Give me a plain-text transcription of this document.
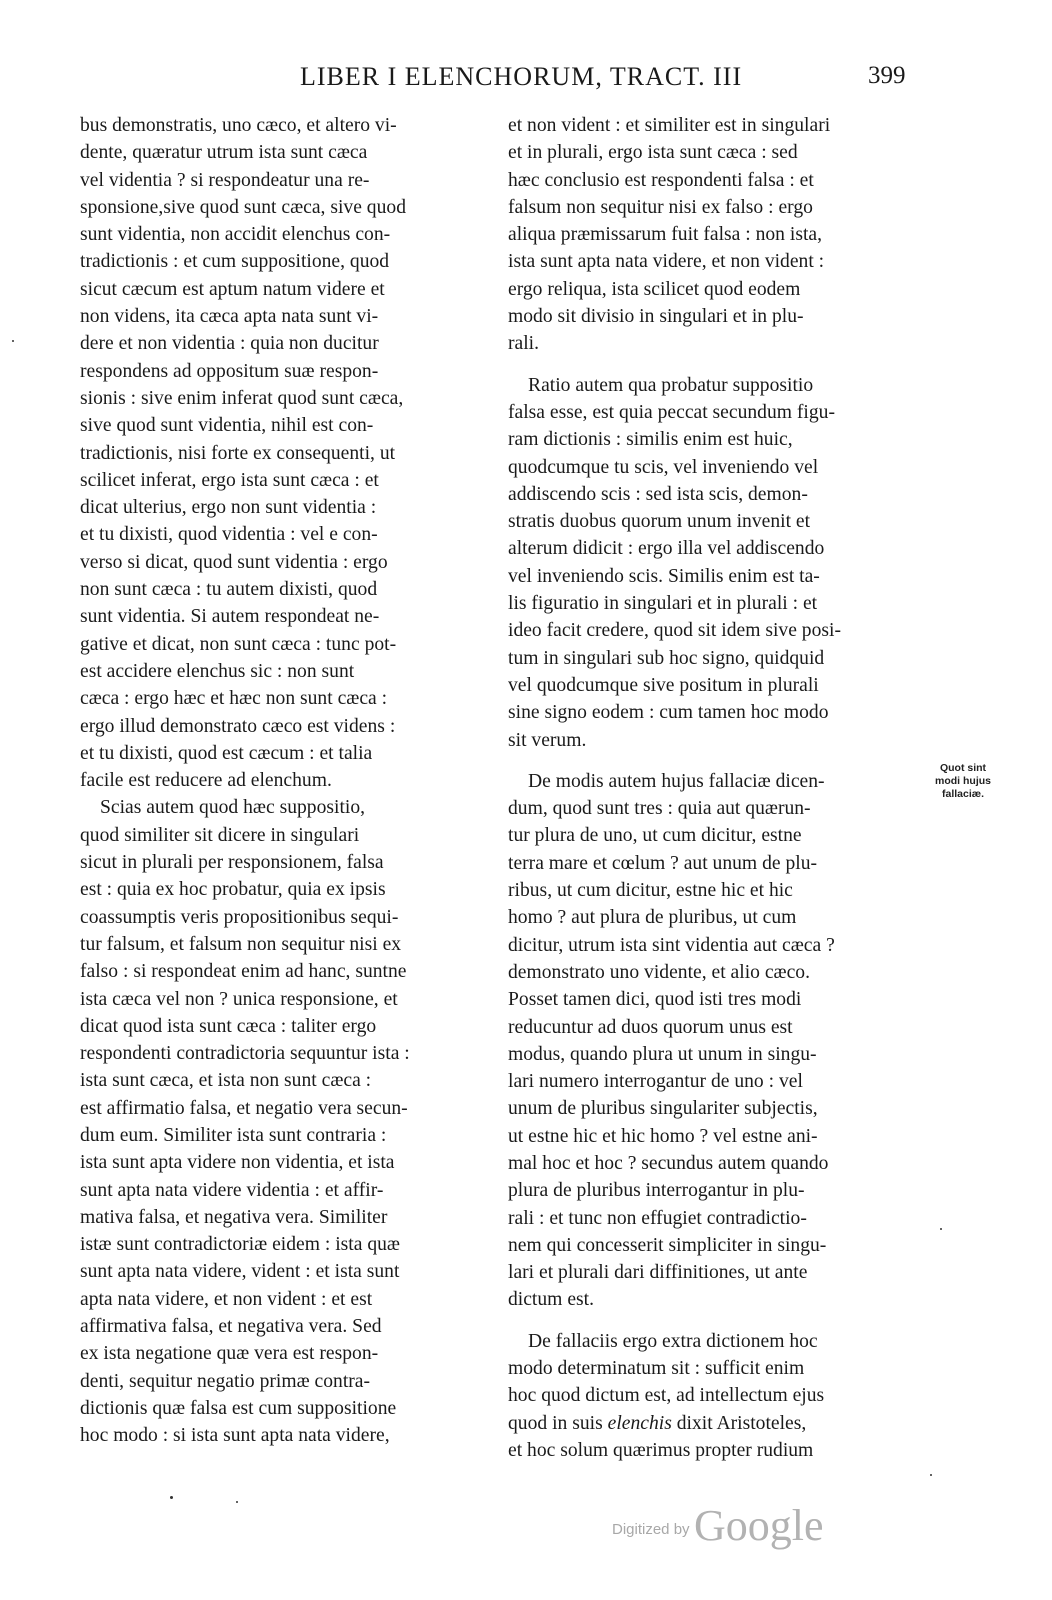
LIBER I ELENCHORUM, TRACT. III	399
bus demonstratis, uno cæco, et altero vi-
dente, quæratur utrum ista sunt cæca
vel videntia ? si respondeatur una re-
sponsione,sive quod sunt cæca, sive quod
sunt videntia, non accidit elenchus con-
tradictionis : et cum suppositione, quod
sicut cæcum est aptum natum videre et
non videns, ita cæca apta nata sunt vi-
dere et non videntia : quia non ducitur
respondens ad oppositum suæ respon-
sionis : sive enim inferat quod sunt cæca,
sive quod sunt videntia, nihil est con-
tradictionis, nisi forte ex consequenti, ut
scilicet inferat, ergo ista sunt cæca : et
dicat ulterius, ergo non sunt videntia :
et tu dixisti, quod videntia : vel e con-
verso si dicat, quod sunt videntia : ergo
non sunt cæca : tu autem dixisti, quod
sunt videntia. Si autem respondeat ne-
gative et dicat, non sunt cæca : tunc pot-
est accidere elenchus sic : non sunt
cæca : ergo hæc et hæc non sunt cæca :
ergo illud demonstrato cæco est videns :
et tu dixisti, quod est cæcum : et talia
facile est reducere ad elenchum.
Scias autem quod hæc suppositio,
quod similiter sit dicere in singulari
sicut in plurali per responsionem, falsa
est : quia ex hoc probatur, quia ex ipsis
coassumptis veris propositionibus sequi-
tur falsum, et falsum non sequitur nisi ex
falso : si respondeat enim ad hanc, suntne
ista cæca vel non ? unica responsione, et
dicat quod ista sunt cæca : taliter ergo
respondenti contradictoria sequuntur ista :
ista sunt cæca, et ista non sunt cæca :
est affirmatio falsa, et negatio vera secun-
dum eum. Similiter ista sunt contraria :
ista sunt apta videre non videntia, et ista
sunt apta nata videre videntia : et affir-
mativa falsa, et negativa vera. Similiter
istæ sunt contradictoriæ eidem : ista quæ
sunt apta nata videre, vident : et ista sunt
apta nata videre, et non vident : et est
affirmativa falsa, et negativa vera. Sed
ex ista negatione quæ vera est respon-
denti, sequitur negatio primæ contra-
dictionis quæ falsa est cum suppositione
hoc modo : si ista sunt apta nata videre,
et non vident : et similiter est in singulari
et in plurali, ergo ista sunt cæca : sed
hæc conclusio est respondenti falsa : et
falsum non sequitur nisi ex falso : ergo
aliqua præmissarum fuit falsa : non ista,
ista sunt apta nata videre, et non vident :
ergo reliqua, ista scilicet quod eodem
modo sit divisio in singulari et in plu-
rali.
Ratio autem qua probatur suppositio
falsa esse, est quia peccat secundum figu-
ram dictionis : similis enim est huic,
quodcumque tu scis, vel inveniendo vel
addiscendo scis : sed ista scis, demon-
stratis duobus quorum unum invenit et
alterum didicit : ergo illa vel addiscendo
vel inveniendo scis. Similis enim est ta-
lis figuratio in singulari et in plurali : et
ideo facit credere, quod sit idem sive posi-
tum in singulari sub hoc signo, quidquid
vel quodcumque sive positum in plurali
sine signo eodem : cum tamen hoc modo
sit verum.
De modis autem hujus fallaciæ dicen-
dum, quod sunt tres : quia aut quærun-
tur plura de uno, ut cum dicitur, estne
terra mare et cœlum ? aut unum de plu-
ribus, ut cum dicitur, estne hic et hic
homo ? aut plura de pluribus, ut cum
dicitur, utrum ista sint videntia aut cæca ?
demonstrato uno vidente, et alio cæco.
Posset tamen dici, quod isti tres modi
reducuntur ad duos quorum unus est
modus, quando plura ut unum in singu-
lari numero interrogantur de uno : vel
unum de pluribus singulariter subjectis,
ut estne hic et hic homo ? vel estne ani-
mal hoc et hoc ? secundus autem quando
plura de pluribus interrogantur in plu-
rali : et tunc non effugiet contradictio-
nem qui concesserit simpliciter in singu-
lari et plurali dari diffinitiones, ut ante
dictum est.
De fallaciis ergo extra dictionem hoc
modo determinatum sit : sufficit enim
hoc quod dictum est, ad intellectum ejus
quod in suis elenchis dixit Aristoteles,
et hoc solum quærimus propter rudium
Quot sint
modi hujus
fallaciæ.
Digitized by Google
